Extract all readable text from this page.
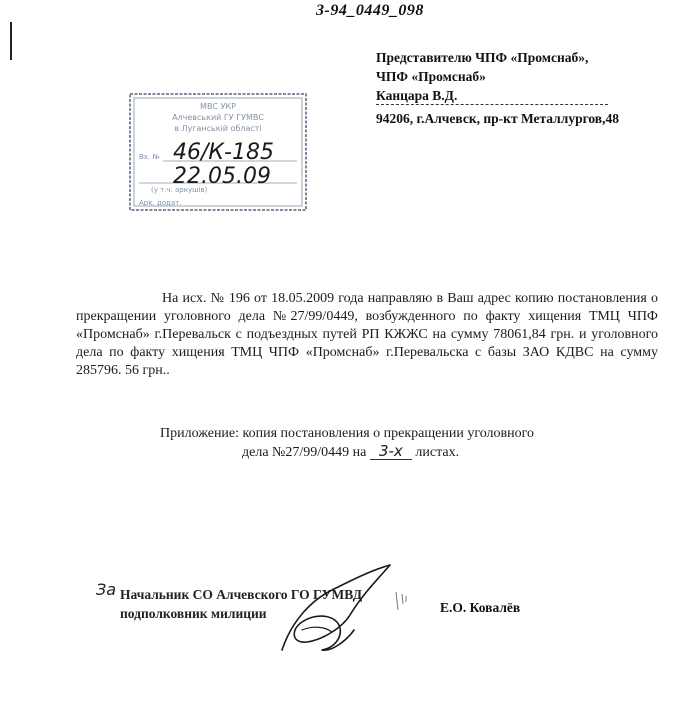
3-94_0449_098
Представителю ЧПФ «Промснаб»,
ЧПФ «Промснаб»
Канцара В.Д.
94206, г.Алчевск, пр-кт Металлургов,48
МВС УКР
Алчевський ГУ ГУМВС
в Луганській області
Вх. № 46/К-185
22.05.09
(у т.ч. аркушів)
Арк. додат.

На исх. № 196 от 18.05.2009 года направляю в Ваш адрес копию постановления о прекращении уголовного дела №27/99/0449, возбужденного по факту хищения ТМЦ ЧПФ «Промснаб» г.Перевальск с подъездных путей РП КЖЖС на сумму 78061,84 грн. и уголовного дела по факту хищения ТМЦ ЧПФ «Промснаб» г.Перевальска с базы ЗАО КДВС на сумму 285796. 56 грн..

Приложение: копия постановления о прекращении уголовного
дела №27/99/0449 на 3-х листах.
За Начальник СО Алчевского ГО ГУМВД
подполковник милиции	Е.О. Ковалёв
